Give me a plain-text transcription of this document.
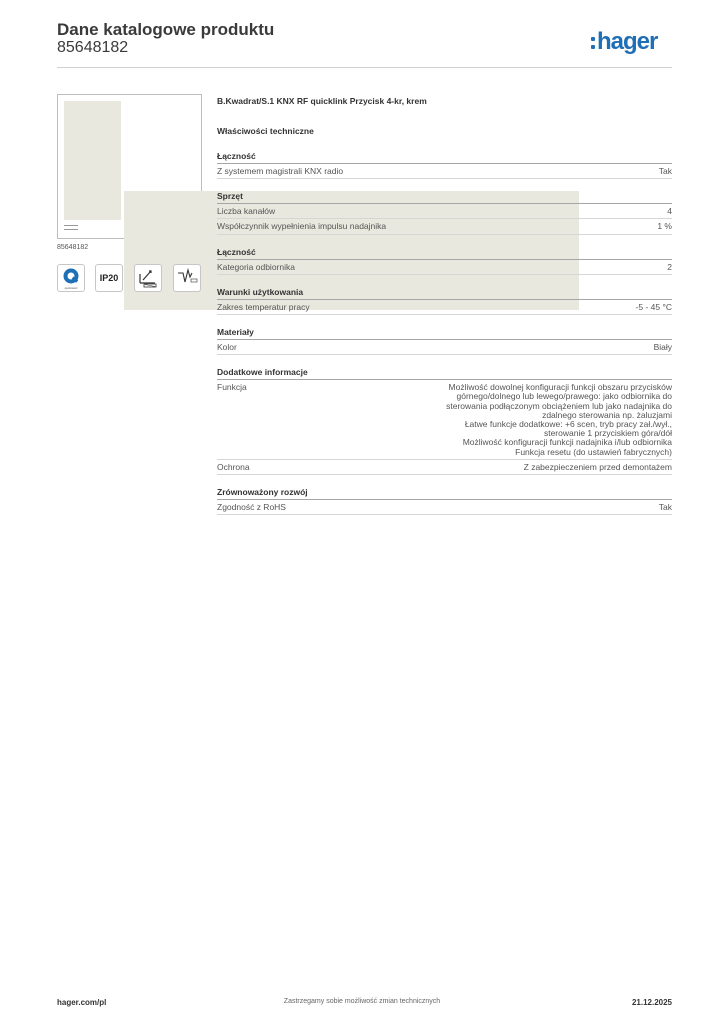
Dane katalogowe produktu
85648182	hager
85648182
quickstart
IP20
B.Kwadrat/S.1 KNX RF quicklink Przycisk 4-kr, krem
Właściwości techniczne
Łączność
Z systemem magistrali KNX radio	Tak
Sprzęt
Liczba kanałów	4
Współczynnik wypełnienia impulsu nadajnika	1 %
Łączność
Kategoria odbiornika	2
Warunki użytkowania
Zakres temperatur pracy	-5 - 45 °C
Materiały
Kolor	Biały
Dodatkowe informacje
Funkcja	Możliwość dowolnej konfiguracji funkcji obszaru przycisków
górnego/dolnego lub lewego/prawego: jako odbiornika do
sterowania podłączonym obciążeniem lub jako nadajnika do
zdalnego sterowania np. żaluzjami
Łatwe funkcje dodatkowe: +6 scen, tryb pracy zał./wył.,
sterowanie 1 przyciskiem góra/dół
Możliwość konfiguracji funkcji nadajnika i/lub odbiornika
Funkcja resetu (do ustawień fabrycznych)
Ochrona	Z zabezpieczeniem przed demontażem
Zrównoważony rozwój
Zgodność z RoHS	Tak
hager.com/pl	Zastrzegamy sobie możliwość zmian technicznych	21.12.2025
